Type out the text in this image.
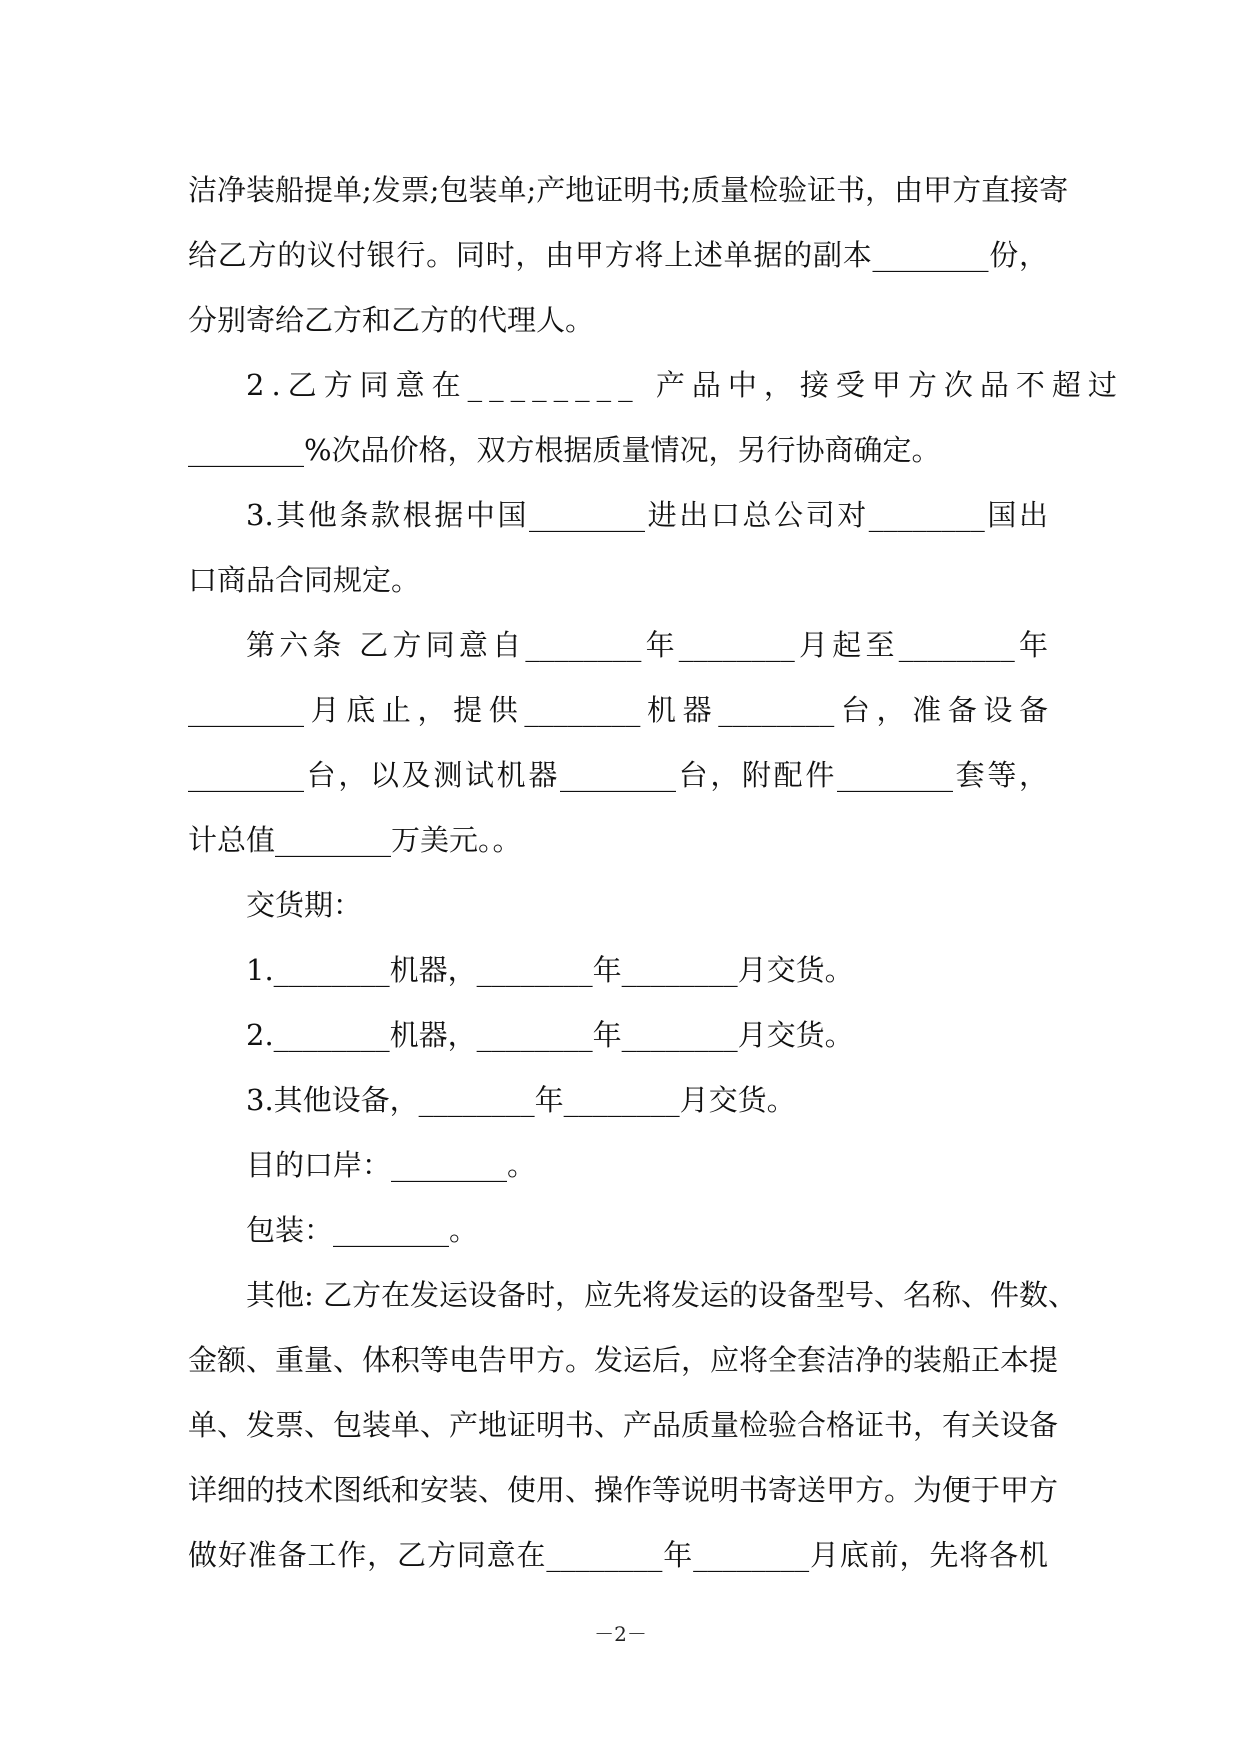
洁净装船提单;发票;包装单;产地证明书;质量检验证书，由甲方直接寄
给乙方的议付银行。同时，由甲方将上述单据的副本________份，
分别寄给乙方和乙方的代理人。
2.乙方同意在________ 产品中，接受甲方次品不超过
________%次品价格，双方根据质量情况，另行协商确定。
3.其他条款根据中国________进出口总公司对________国出
口商品合同规定。
第六条 乙方同意自________年________月起至________年
________月底止，提供________机器________台，准备设备
________台，以及测试机器________台，附配件________套等，
计总值________万美元。。
交货期：
1.________机器，________年________月交货。
2.________机器，________年________月交货。
3.其他设备，________年________月交货。
目的口岸：________。
包装：________。
其他: 乙方在发运设备时，应先将发运的设备型号、名称、件数、
金额、重量、体积等电告甲方。发运后，应将全套洁净的装船正本提
单、发票、包装单、产地证明书、产品质量检验合格证书，有关设备
详细的技术图纸和安装、使用、操作等说明书寄送甲方。为便于甲方
做好准备工作，乙方同意在________年________月底前，先将各机
－2－
